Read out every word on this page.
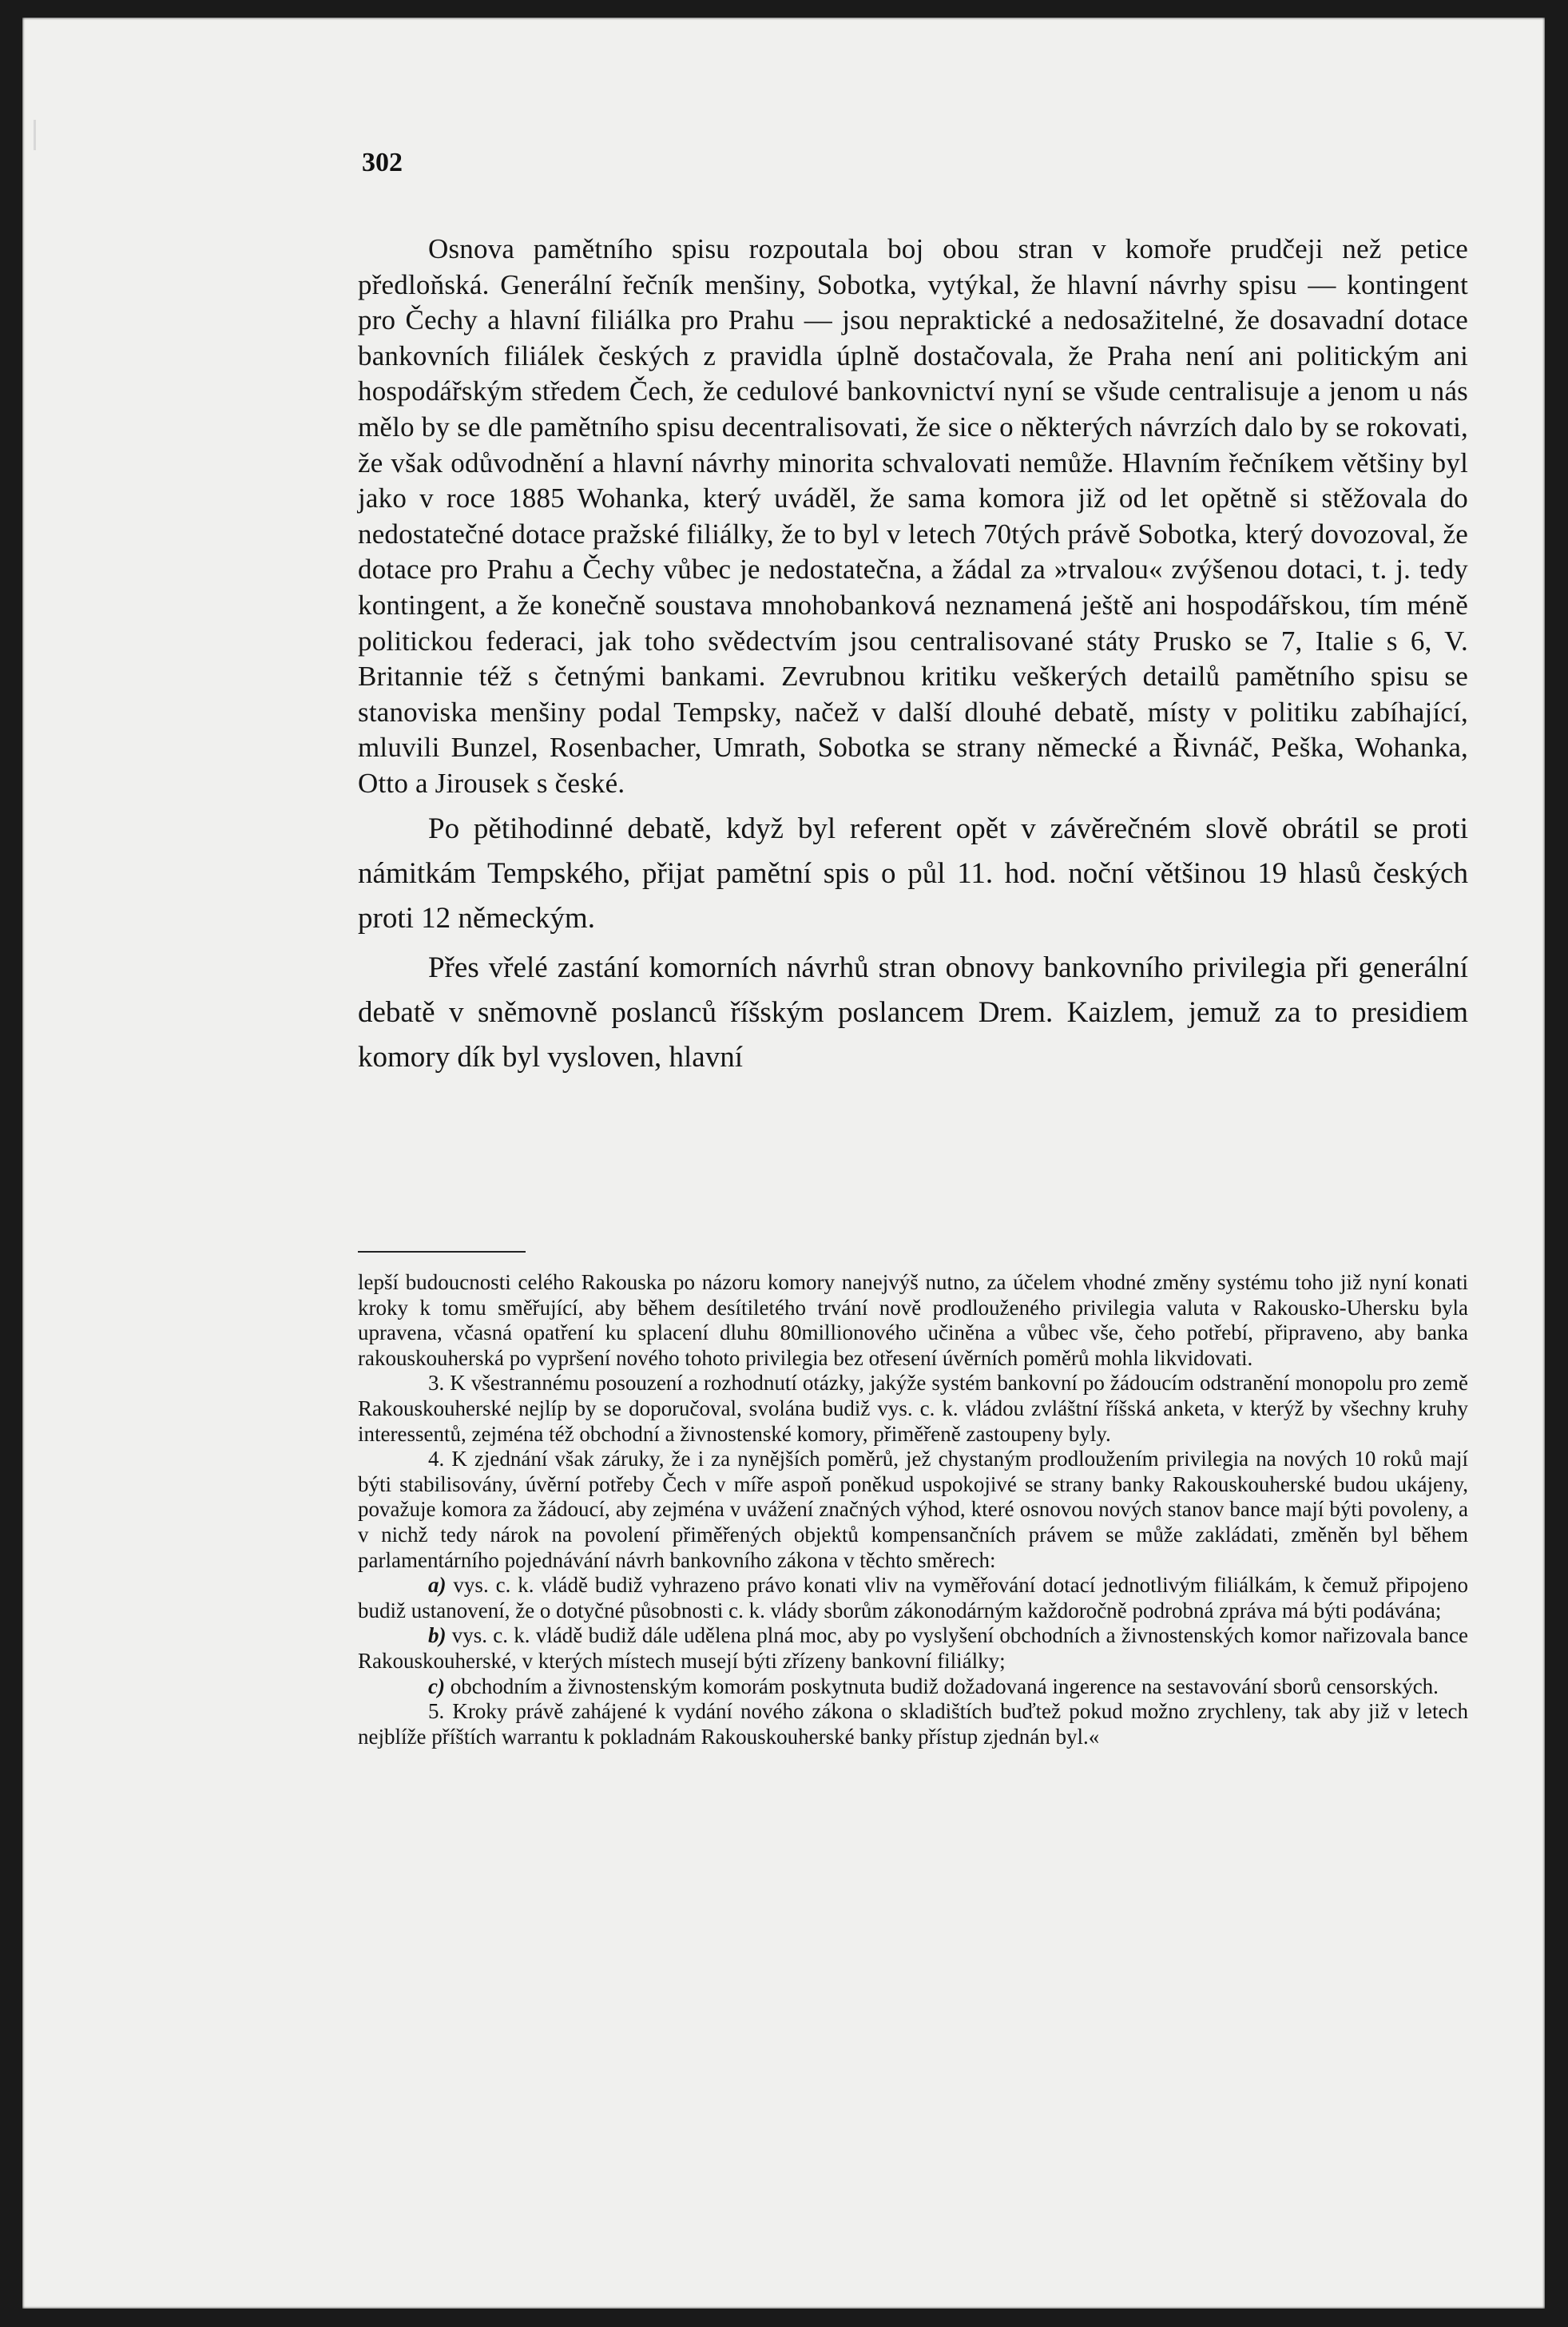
302

Osnova pamětního spisu rozpoutala boj obou stran v komoře prudčeji než petice předloňská. Generální řečník menšiny, Sobotka, vytýkal, že hlavní návrhy spisu — kontingent pro Čechy a hlavní filiálka pro Prahu — jsou nepraktické a nedosažitelné, že dosavadní dotace bankovních filiálek českých z pravidla úplně dostačovala, že Praha není ani politickým ani hospodářským středem Čech, že cedulové bankovnictví nyní se všude centralisuje a jenom u nás mělo by se dle pamětního spisu decentralisovati, že sice o některých návrzích dalo by se rokovati, že však odůvodnění a hlavní návrhy minorita schvalovati nemůže. Hlavním řečníkem většiny byl jako v roce 1885 Wohanka, který uváděl, že sama komora již od let opětně si stěžovala do nedostatečné dotace pražské filiálky, že to byl v letech 70tých právě Sobotka, který dovozoval, že dotace pro Prahu a Čechy vůbec je nedostatečna, a žádal za »trvalou« zvýšenou dotaci, t. j. tedy kontingent, a že konečně soustava mnohobanková neznamená ještě ani hospodářskou, tím méně politickou federaci, jak toho svědectvím jsou centralisované státy Prusko se 7, Italie s 6, V. Britannie též s četnými bankami. Zevrubnou kritiku veškerých detailů pamětního spisu se stanoviska menšiny podal Tempsky, načež v další dlouhé debatě, místy v politiku zabíhající, mluvili Bunzel, Rosenbacher, Umrath, Sobotka se strany německé a Řivnáč, Peška, Wohanka, Otto a Jirousek s české.

Po pětihodinné debatě, když byl referent opět v závěrečném slově obrátil se proti námitkám Tempského, přijat pamětní spis o půl 11. hod. noční většinou 19 hlasů českých proti 12 německým.

Přes vřelé zastání komorních návrhů stran obnovy bankovního privilegia při generální debatě v sněmovně poslanců říšským poslancem Drem. Kaizlem, jemuž za to presidiem komory dík byl vysloven, hlavní

lepší budoucnosti celého Rakouska po názoru komory nanejvýš nutno, za účelem vhodné změny systému toho již nyní konati kroky k tomu směřující, aby během desítiletého trvání nově prodlouženého privilegia valuta v Rakousko-Uhersku byla upravena, včasná opatření ku splacení dluhu 80millionového učiněna a vůbec vše, čeho potřebí, připraveno, aby banka rakouskouherská po vypršení nového tohoto privilegia bez otřesení úvěrních poměrů mohla likvidovati.

3. K všestrannému posouzení a rozhodnutí otázky, jakýže systém bankovní po žádoucím odstranění monopolu pro země Rakouskouherské nejlíp by se doporučoval, svolána budiž vys. c. k. vládou zvláštní říšská anketa, v kterýž by všechny kruhy interessentů, zejména též obchodní a živnostenské komory, přiměřeně zastoupeny byly.

4. K zjednání však záruky, že i za nynějších poměrů, jež chystaným prodloužením privilegia na nových 10 roků mají býti stabilisovány, úvěrní potřeby Čech v míře aspoň poněkud uspokojivé se strany banky Rakouskouherské budou ukájeny, považuje komora za žádoucí, aby zejména v uvážení značných výhod, které osnovou nových stanov bance mají býti povoleny, a v nichž tedy nárok na povolení přiměřených objektů kompensančních právem se může zakládati, změněn byl během parlamentárního pojednávání návrh bankovního zákona v těchto směrech:

a) vys. c. k. vládě budiž vyhrazeno právo konati vliv na vyměřování dotací jednotlivým filiálkám, k čemuž připojeno budiž ustanovení, že o dotyčné působnosti c. k. vlády sborům zákonodárným každoročně podrobná zpráva má býti podávána;

b) vys. c. k. vládě budiž dále udělena plná moc, aby po vyslyšení obchodních a živnostenských komor nařizovala bance Rakouskouherské, v kterých místech musejí býti zřízeny bankovní filiálky;

c) obchodním a živnostenským komorám poskytnuta budiž dožadovaná ingerence na sestavování sborů censorských.

5. Kroky právě zahájené k vydání nového zákona o skladištích buďtež pokud možno zrychleny, tak aby již v letech nejblíže příštích warrantu k pokladnám Rakouskouherské banky přístup zjednán byl.«
